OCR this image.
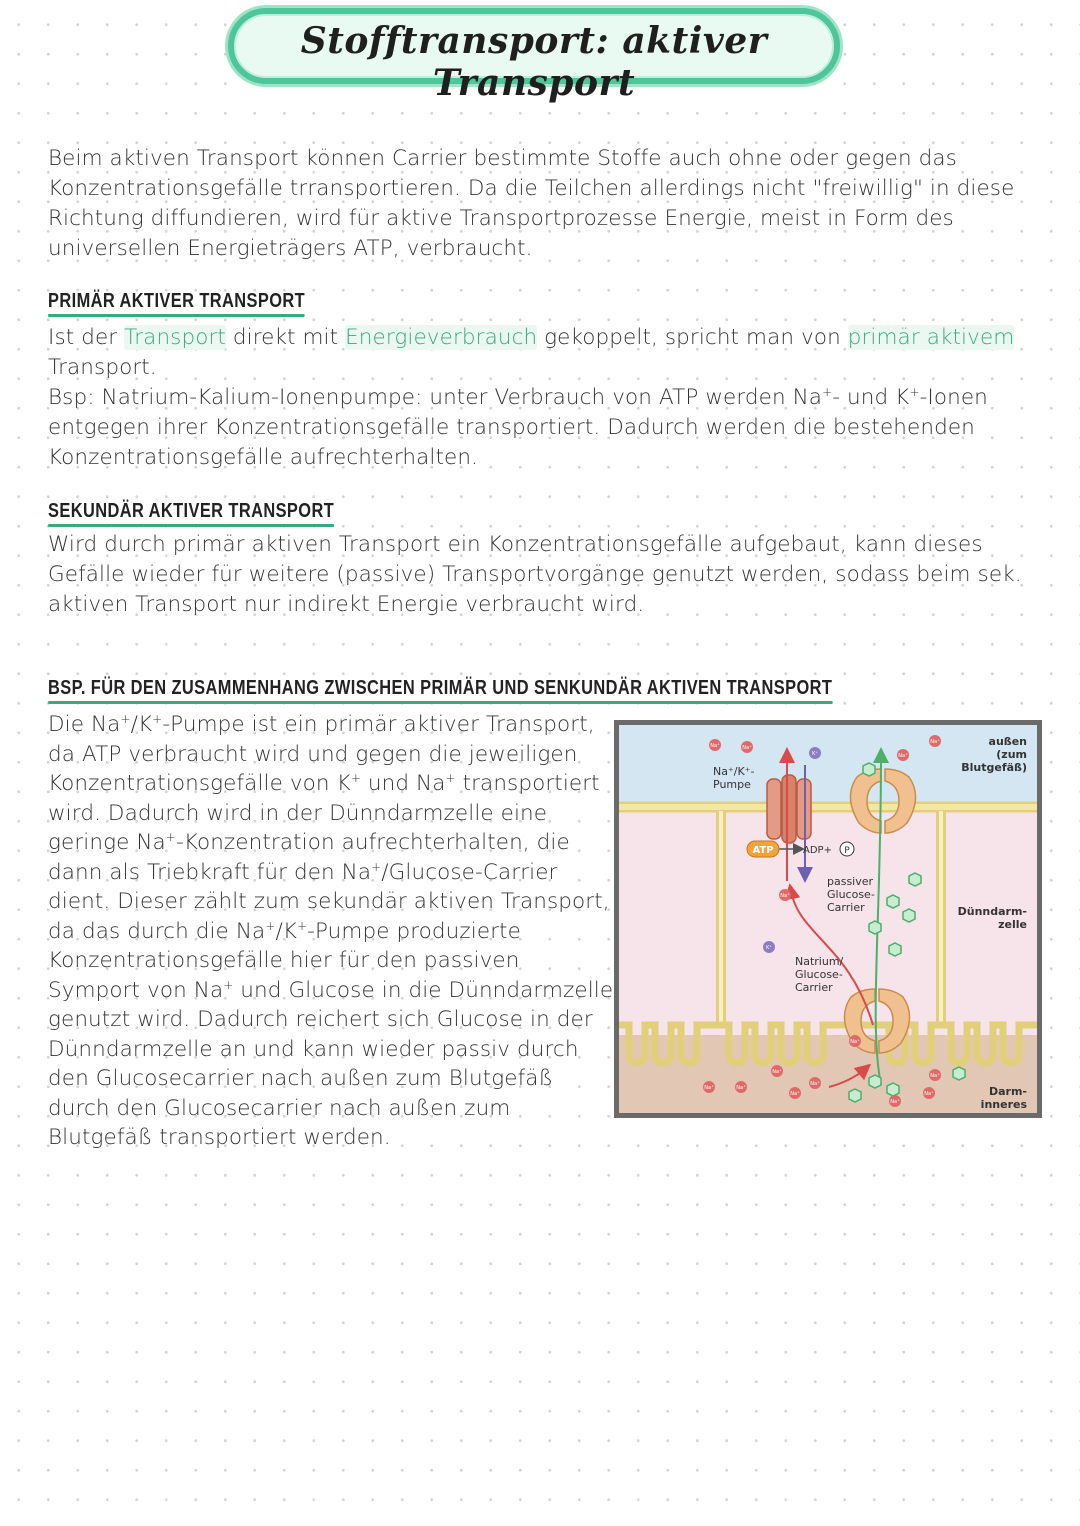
Stofftransport: aktiver Transport

Beim aktiven Transport können Carrier bestimmte Stoffe auch ohne oder gegen das

Konzentrationsgefälle trransportieren. Da die Teilchen allerdings nicht "freiwillig" in diese

Richtung diffundieren, wird für aktive Transportprozesse Energie, meist in Form des

universellen Energieträgers ATP, verbraucht.

PRIMÄR AKTIVER TRANSPORT

Ist der Transport direkt mit Energieverbrauch gekoppelt, spricht man von primär aktivem

Transport.

Bsp: Natrium-Kalium-Ionenpumpe: unter Verbrauch von ATP werden Na+- und K+-Ionen

entgegen ihrer Konzentrationsgefälle transportiert. Dadurch werden die bestehenden

Konzentrationsgefälle aufrechterhalten.

SEKUNDÄR AKTIVER TRANSPORT

Wird durch primär aktiven Transport ein Konzentrationsgefälle aufgebaut, kann dieses

Gefälle wieder für weitere (passive) Transportvorgänge genutzt werden, sodass beim sek.

aktiven Transport nur indirekt Energie verbraucht wird.

BSP. FÜR DEN ZUSAMMENHANG ZWISCHEN PRIMÄR UND SENKUNDÄR AKTIVEN TRANSPORT

Die Na+/K+-Pumpe ist ein primär aktiver Transport,

da ATP verbraucht wird und gegen die jeweiligen

Konzentrationsgefälle von K+ und Na+ transportiert

wird. Dadurch wird in der Dünndarmzelle eine

geringe Na+-Konzentration aufrechterhalten, die

dann als Triebkraft für den Na+/Glucose-Carrier

dient. Dieser zählt zum sekundär aktiven Transport,

da das durch die Na+/K+-Pumpe produzierte

Konzentrationsgefälle hier für den passiven

Symport von Na+ und Glucose in die Dünndarmzelle

genutzt wird. Dadurch reichert sich Glucose in der

Dünndarmzelle an und kann wieder passiv durch

den Glucosecarrier nach außen zum Blutgefäß

durch den Glucosecarrier nach außen zum

Blutgefäß transportiert werden.

ATP	ADP+ P
Na⁺	Na⁺
Na⁺
Na⁺
Na⁺
Na⁺
Na⁺	Na⁺
Na⁺
Na⁺
Na⁺
Na⁺
Na⁺
Na⁺
K⁺
K⁺
Na⁺/K⁺-
Pumpe
passiver
Glucose-
Carrier
Natrium/
Glucose-
Carrier
außen
(zum
Blutgefäß)
Dünndarm-
zelle
Darm-
inneres
